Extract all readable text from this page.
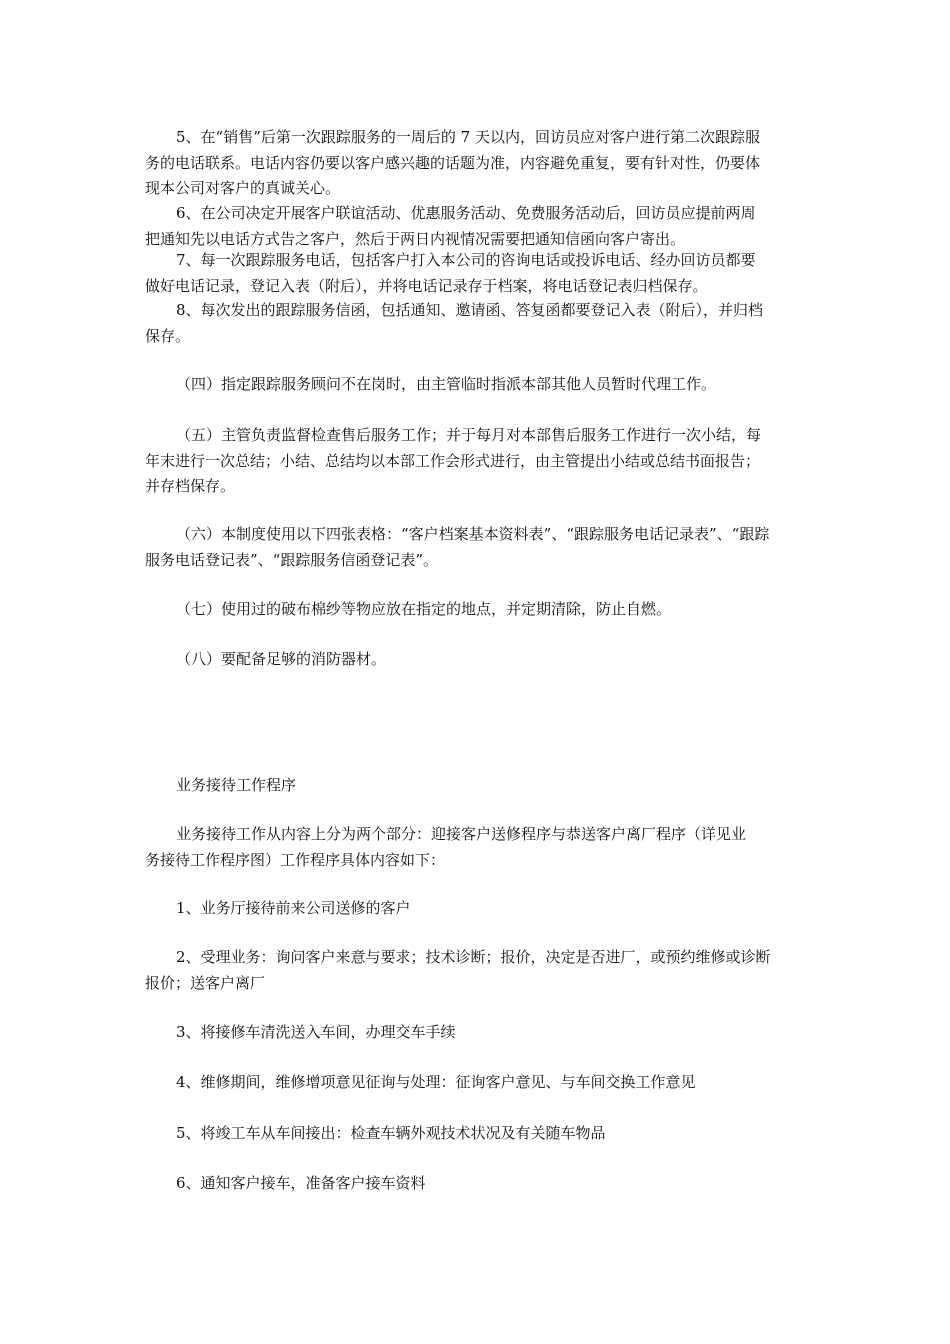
5、在“销售”后第一次跟踪服务的一周后的 7 天以内，回访员应对客户进行第二次跟踪服
务的电话联系。电话内容仍要以客户感兴趣的话题为准，内容避免重复，要有针对性，仍要体
现本公司对客户的真诚关心。
6、在公司决定开展客户联谊活动、优惠服务活动、免费服务活动后，回访员应提前两周
把通知先以电话方式告之客户，然后于两日内视情况需要把通知信函向客户寄出。
7、每一次跟踪服务电话，包括客户打入本公司的咨询电话或投诉电话、经办回访员都要
做好电话记录，登记入表（附后），并将电话记录存于档案，将电话登记表归档保存。
8、每次发出的跟踪服务信函，包括通知、邀请函、答复函都要登记入表（附后），并归档
保存。

（四）指定跟踪服务顾问不在岗时，由主管临时指派本部其他人员暂时代理工作。

（五）主管负责监督检查售后服务工作；并于每月对本部售后服务工作进行一次小结，每
年末进行一次总结；小结、总结均以本部工作会形式进行，由主管提出小结或总结书面报告；
并存档保存。
（六）本制度使用以下四张表格：“客户档案基本资料表”、“跟踪服务电话记录表”、“跟踪
服务电话登记表”、“跟踪服务信函登记表”。

（七）使用过的破布棉纱等物应放在指定的地点，并定期清除，防止自燃。

（八）要配备足够的消防器材。

业务接待工作程序

业务接待工作从内容上分为两个部分：迎接客户送修程序与恭送客户离厂程序（详见业
务接待工作程序图）工作程序具体内容如下：

1、业务厅接待前来公司送修的客户

2、受理业务：询问客户来意与要求；技术诊断；报价，决定是否进厂，或预约维修或诊断
报价；送客户离厂

3、将接修车清洗送入车间，办理交车手续

4、维修期间，维修增项意见征询与处理：征询客户意见、与车间交换工作意见

5、将竣工车从车间接出：检查车辆外观技术状况及有关随车物品

6、通知客户接车，准备客户接车资料
